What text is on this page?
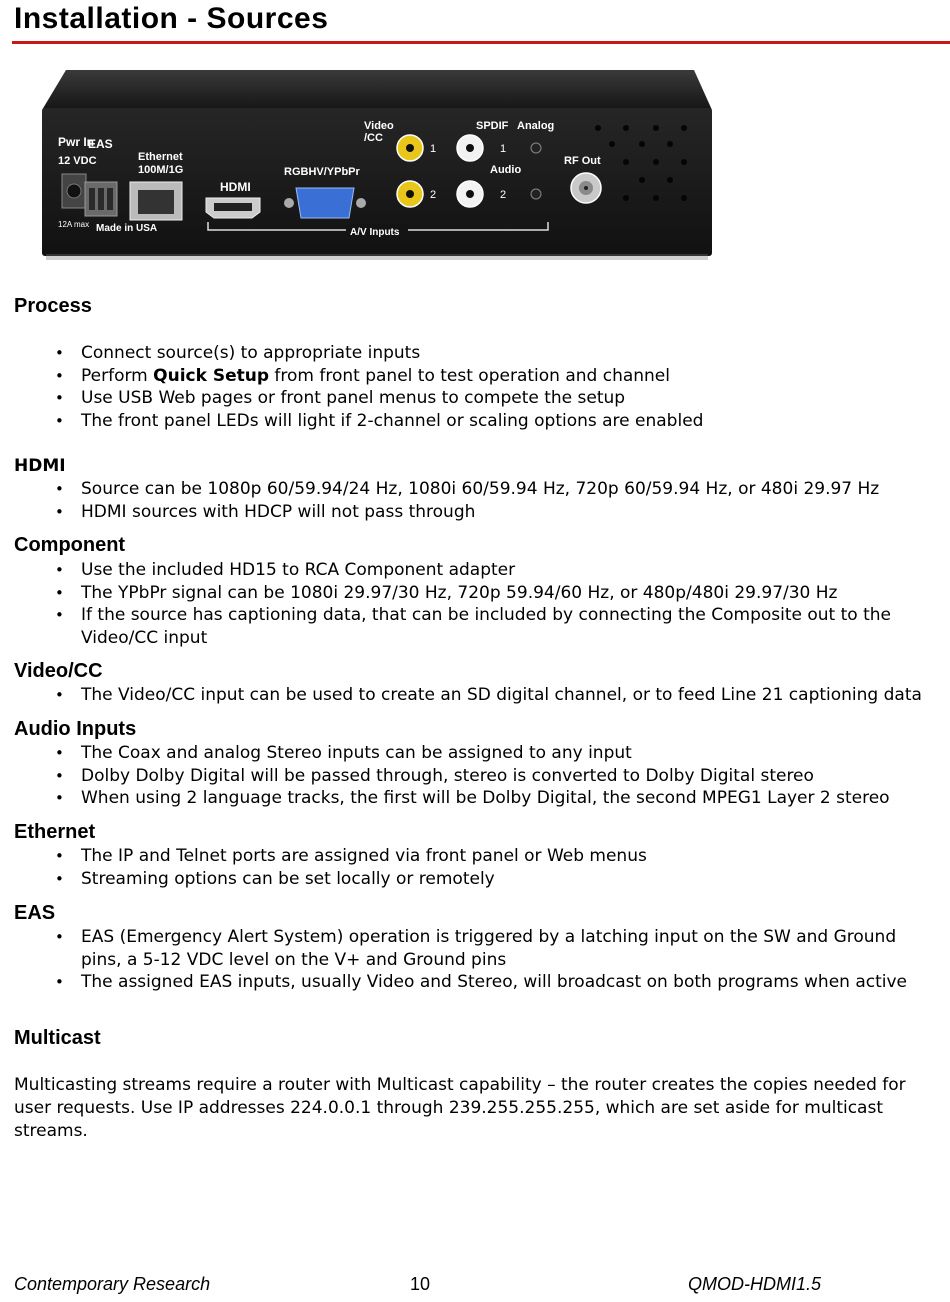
Installation - Sources
Pwr In
12 VDC
12A max
EAS
Ethernet
100M/1G
Made in USA
HDMI
RGBHV/YPbPr
Video
/CC
1
2
SPDIF Analog
1
Audio
2
RF Out
A/V Inputs
Process
• Connect source(s) to appropriate inputs
• Perform Quick Setup from front panel to test operation and channel
• Use USB Web pages or front panel menus to compete the setup
• The front panel LEDs will light if 2-channel or scaling options are enabled
HDMI
• Source can be 1080p 60/59.94/24 Hz, 1080i 60/59.94 Hz, 720p 60/59.94 Hz, or 480i 29.97 Hz
• HDMI sources with HDCP will not pass through
Component
• Use the included HD15 to RCA Component adapter
• The YPbPr signal can be 1080i 29.97/30 Hz, 720p 59.94/60 Hz, or 480p/480i 29.97/30 Hz
• If the source has captioning data, that can be included by connecting the Composite out to the Video/CC input
Video/CC
• The Video/CC input can be used to create an SD digital channel, or to feed Line 21 captioning data
Audio Inputs
• The Coax and analog Stereo inputs can be assigned to any input
• Dolby Dolby Digital will be passed through, stereo is converted to Dolby Digital stereo
• When using 2 language tracks, the first will be Dolby Digital, the second MPEG1 Layer 2 stereo
Ethernet
• The IP and Telnet ports are assigned via front panel or Web menus
• Streaming options can be set locally or remotely
EAS
• EAS (Emergency Alert System) operation is triggered by a latching input on the SW and Ground pins, a 5-12 VDC level on the V+ and Ground pins
• The assigned EAS inputs, usually Video and Stereo, will broadcast on both programs when active
Multicast

Multicasting streams require a router with Multicast capability – the router creates the copies needed for user requests. Use IP addresses 224.0.0.1 through 239.255.255.255, which are set aside for multicast streams.

Contemporary Research	10	QMOD-HDMI1.5
